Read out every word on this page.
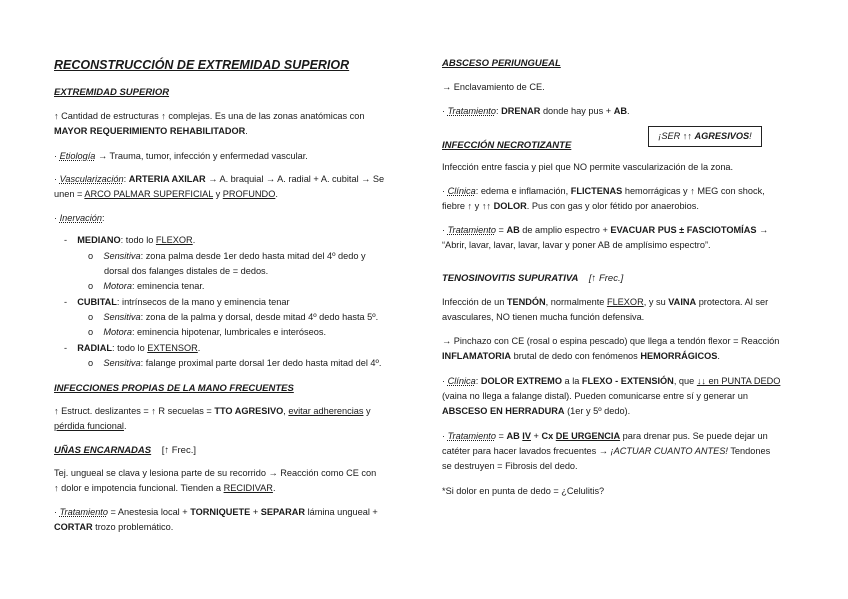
RECONSTRUCCIÓN DE EXTREMIDAD SUPERIOR
EXTREMIDAD SUPERIOR
↑ Cantidad de estructuras ↑ complejas. Es una de las zonas anatómicas con
MAYOR REQUERIMIENTO REHABILITADOR.
· Etiología → Trauma, tumor, infección y enfermedad vascular.
· Vascularización: ARTERIA AXILAR → A. braquial → A. radial + A. cubital → Se
unen = ARCO PALMAR SUPERFICIAL y PROFUNDO.
· Inervación:
-    MEDIANO: todo lo FLEXOR.
o    Sensitiva: zona palma desde 1er dedo hasta mitad del 4º dedo y
dorsal dos falanges distales de = dedos.
o    Motora: eminencia tenar.
-    CUBITAL: intrínsecos de la mano y eminencia tenar
o    Sensitiva: zona de la palma y dorsal, desde mitad 4º dedo hasta 5º.
o    Motora: eminencia hipotenar, lumbricales e interóseos.
-    RADIAL: todo lo EXTENSOR.
o    Sensitiva: falange proximal parte dorsal 1er dedo hasta mitad del 4º.
INFECCIONES PROPIAS DE LA MANO FRECUENTES
↑ Estruct. deslizantes = ↑ R secuelas = TTO AGRESIVO, evitar adherencias y
pérdida funcional.
UÑAS ENCARNADAS [↑ Frec.]
Tej. ungueal se clava y lesiona parte de su recorrido → Reacción como CE con
↑ dolor e impotencia funcional. Tienden a RECIDIVAR.
· Tratamiento = Anestesia local + TORNIQUETE + SEPARAR lámina ungueal +
CORTAR trozo problemático.
ABSCESO PERIUNGUEAL
→ Enclavamiento de CE.
· Tratamiento: DRENAR donde hay pus + AB.
INFECCIÓN NECROTIZANTE
Infección entre fascia y piel que NO permite vascularización de la zona.
· Clínica: edema e inflamación, FLICTENAS hemorrágicas y ↑ MEG con shock,
fiebre ↑ y ↑↑ DOLOR. Pus con gas y olor fétido por anaerobios.
· Tratamiento = AB de amplio espectro + EVACUAR PUS ± FASCIOTOMÍAS →
“Abrir, lavar, lavar, lavar, lavar y poner AB de amplísimo espectro”.
TENOSINOVITIS SUPURATIVA [↑ Frec.]
Infección de un TENDÓN, normalmente FLEXOR, y su VAINA protectora. Al ser
avasculares, NO tienen mucha función defensiva.
→ Pinchazo con CE (rosal o espina pescado) que llega a tendón flexor = Reacción
INFLAMATORIA brutal de dedo con fenómenos HEMORRÁGICOS.
· Clínica: DOLOR EXTREMO a la FLEXO - EXTENSIÓN, que ↓↓ en PUNTA DEDO
(vaina no llega a falange distal). Pueden comunicarse entre sí y generar un
ABSCESO EN HERRADURA (1er y 5º dedo).
· Tratamiento = AB IV + Cx DE URGENCIA para drenar pus. Se puede dejar un
catéter para hacer lavados frecuentes → ¡ACTUAR CUANTO ANTES! Tendones
se destruyen = Fibrosis del dedo.
*Si dolor en punta de dedo = ¿Celulitis?
¡SER ↑↑ AGRESIVOS!
